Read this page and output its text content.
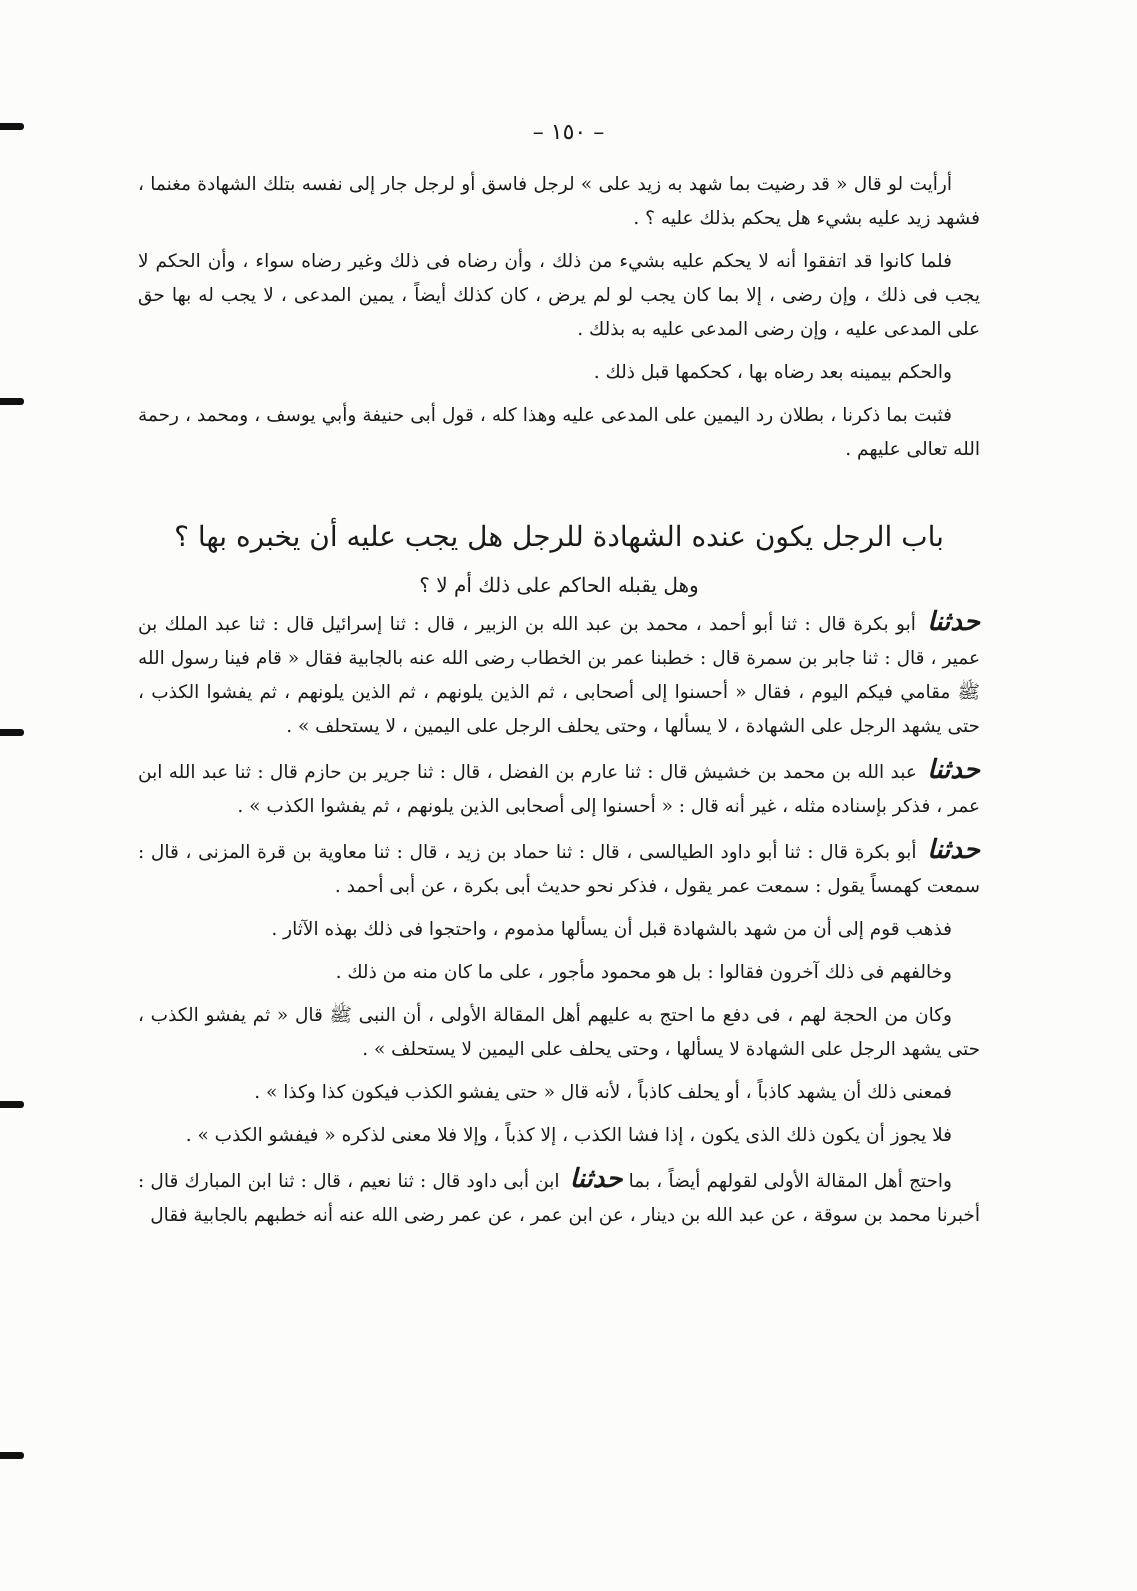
– ١٥٠ –

أرأيت لو قال « قد رضيت بما شهد به زيد على » لرجل فاسق أو لرجل جار إلى نفسه بتلك الشهادة مغنما ، فشهد زيد عليه بشيء هل يحكم بذلك عليه ؟ .

فلما كانوا قد اتفقوا أنه لا يحكم عليه بشيء من ذلك ، وأن رضاه فى ذلك وغير رضاه سواء ، وأن الحكم لا يجب فى ذلك ، وإن رضى ، إلا بما كان يجب لو لم يرض ، كان كذلك أيضاً ، يمين المدعى ، لا يجب له بها حق على المدعى عليه ، وإن رضى المدعى عليه به بذلك .

والحكم بيمينه بعد رضاه بها ، كحكمها قبل ذلك .

فثبت بما ذكرنا ، بطلان رد اليمين على المدعى عليه وهذا كله ، قول أبى حنيفة وأبي يوسف ، ومحمد ، رحمة الله تعالى عليهم .

باب الرجل يكون عنده الشهادة للرجل هل يجب عليه أن يخبره بها ؟
وهل يقبله الحاكم على ذلك أم لا ؟

حدثنا أبو بكرة قال : ثنا أبو أحمد ، محمد بن عبد الله بن الزبير ، قال : ثنا إسرائيل قال : ثنا عبد الملك بن عمير ، قال : ثنا جابر بن سمرة قال : خطبنا عمر بن الخطاب رضى الله عنه بالجابية فقال « قام فينا رسول الله ﷺ مقامي فيكم اليوم ، فقال « أحسنوا إلى أصحابى ، ثم الذين يلونهم ، ثم الذين يلونهم ، ثم يفشوا الكذب ، حتى يشهد الرجل على الشهادة ، لا يسألها ، وحتى يحلف الرجل على اليمين ، لا يستحلف » .

حدثنا عبد الله بن محمد بن خشيش قال : ثنا عارم بن الفضل ، قال : ثنا جرير بن حازم قال : ثنا عبد الله ابن عمر ، فذكر بإسناده مثله ، غير أنه قال : « أحسنوا إلى أصحابى الذين يلونهم ، ثم يفشوا الكذب » .

حدثنا أبو بكرة قال : ثنا أبو داود الطيالسى ، قال : ثنا حماد بن زيد ، قال : ثنا معاوية بن قرة المزنى ، قال : سمعت كهمساً يقول : سمعت عمر يقول ، فذكر نحو حديث أبى بكرة ، عن أبى أحمد .

فذهب قوم إلى أن من شهد بالشهادة قبل أن يسألها مذموم ، واحتجوا فى ذلك بهذه الآثار .

وخالفهم فى ذلك آخرون فقالوا : بل هو محمود مأجور ، على ما كان منه من ذلك .

وكان من الحجة لهم ، فى دفع ما احتج به عليهم أهل المقالة الأولى ، أن النبى ﷺ قال « ثم يفشو الكذب ، حتى يشهد الرجل على الشهادة لا يسألها ، وحتى يحلف على اليمين لا يستحلف » .

فمعنى ذلك أن يشهد كاذباً ، أو يحلف كاذباً ، لأنه قال « حتى يفشو الكذب فيكون كذا وكذا » .

فلا يجوز أن يكون ذلك الذى يكون ، إذا فشا الكذب ، إلا كذباً ، وإلا فلا معنى لذكره « فيفشو الكذب » .

واحتج أهل المقالة الأولى لقولهم أيضاً ، بما حدثنا ابن أبى داود قال : ثنا نعيم ، قال : ثنا ابن المبارك قال : أخبرنا محمد بن سوقة ، عن عبد الله بن دينار ، عن ابن عمر ، عن عمر رضى الله عنه أنه خطبهم بالجابية فقال
